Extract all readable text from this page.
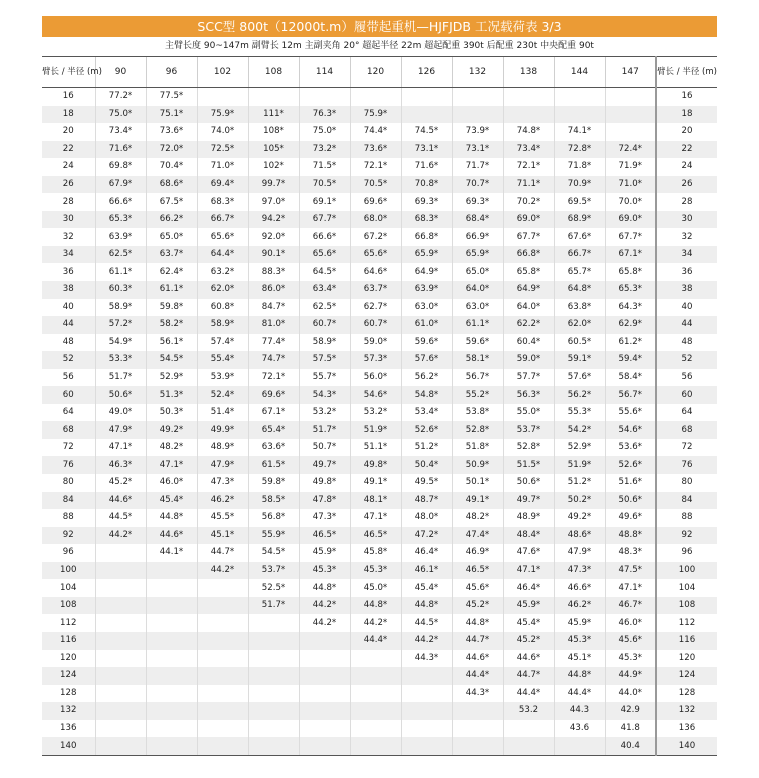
SCC型 800t（12000t.m）履带起重机—HJFJDB 工况载荷表 3/3
主臂长度 90~147m 副臂长 12m 主副夹角 20° 超起半径 22m 超起配重 390t 后配重 230t 中央配重 90t
臂长 / 半径 (m)	90	96	102	108	114	120	126	132	138	144	147	臂长 / 半径 (m)
16	77.2*	77.5*										16
18	75.0*	75.1*	75.9*	111*	76.3*	75.9*						18
20	73.4*	73.6*	74.0*	108*	75.0*	74.4*	74.5*	73.9*	74.8*	74.1*		20
22	71.6*	72.0*	72.5*	105*	73.2*	73.6*	73.1*	73.1*	73.4*	72.8*	72.4*	22
24	69.8*	70.4*	71.0*	102*	71.5*	72.1*	71.6*	71.7*	72.1*	71.8*	71.9*	24
26	67.9*	68.6*	69.4*	99.7*	70.5*	70.5*	70.8*	70.7*	71.1*	70.9*	71.0*	26
28	66.6*	67.5*	68.3*	97.0*	69.1*	69.6*	69.3*	69.3*	70.2*	69.5*	70.0*	28
30	65.3*	66.2*	66.7*	94.2*	67.7*	68.0*	68.3*	68.4*	69.0*	68.9*	69.0*	30
32	63.9*	65.0*	65.6*	92.0*	66.6*	67.2*	66.8*	66.9*	67.7*	67.6*	67.7*	32
34	62.5*	63.7*	64.4*	90.1*	65.6*	65.6*	65.9*	65.9*	66.8*	66.7*	67.1*	34
36	61.1*	62.4*	63.2*	88.3*	64.5*	64.6*	64.9*	65.0*	65.8*	65.7*	65.8*	36
38	60.3*	61.1*	62.0*	86.0*	63.4*	63.7*	63.9*	64.0*	64.9*	64.8*	65.3*	38
40	58.9*	59.8*	60.8*	84.7*	62.5*	62.7*	63.0*	63.0*	64.0*	63.8*	64.3*	40
44	57.2*	58.2*	58.9*	81.0*	60.7*	60.7*	61.0*	61.1*	62.2*	62.0*	62.9*	44
48	54.9*	56.1*	57.4*	77.4*	58.9*	59.0*	59.6*	59.6*	60.4*	60.5*	61.2*	48
52	53.3*	54.5*	55.4*	74.7*	57.5*	57.3*	57.6*	58.1*	59.0*	59.1*	59.4*	52
56	51.7*	52.9*	53.9*	72.1*	55.7*	56.0*	56.2*	56.7*	57.7*	57.6*	58.4*	56
60	50.6*	51.3*	52.4*	69.6*	54.3*	54.6*	54.8*	55.2*	56.3*	56.2*	56.7*	60
64	49.0*	50.3*	51.4*	67.1*	53.2*	53.2*	53.4*	53.8*	55.0*	55.3*	55.6*	64
68	47.9*	49.2*	49.9*	65.4*	51.7*	51.9*	52.6*	52.8*	53.7*	54.2*	54.6*	68
72	47.1*	48.2*	48.9*	63.6*	50.7*	51.1*	51.2*	51.8*	52.8*	52.9*	53.6*	72
76	46.3*	47.1*	47.9*	61.5*	49.7*	49.8*	50.4*	50.9*	51.5*	51.9*	52.6*	76
80	45.2*	46.0*	47.3*	59.8*	49.8*	49.1*	49.5*	50.1*	50.6*	51.2*	51.6*	80
84	44.6*	45.4*	46.2*	58.5*	47.8*	48.1*	48.7*	49.1*	49.7*	50.2*	50.6*	84
88	44.5*	44.8*	45.5*	56.8*	47.3*	47.1*	48.0*	48.2*	48.9*	49.2*	49.6*	88
92	44.2*	44.6*	45.1*	55.9*	46.5*	46.5*	47.2*	47.4*	48.4*	48.6*	48.8*	92
96		44.1*	44.7*	54.5*	45.9*	45.8*	46.4*	46.9*	47.6*	47.9*	48.3*	96
100			44.2*	53.7*	45.3*	45.3*	46.1*	46.5*	47.1*	47.3*	47.5*	100
104				52.5*	44.8*	45.0*	45.4*	45.6*	46.4*	46.6*	47.1*	104
108				51.7*	44.2*	44.8*	44.8*	45.2*	45.9*	46.2*	46.7*	108
112					44.2*	44.2*	44.5*	44.8*	45.4*	45.9*	46.0*	112
116						44.4*	44.2*	44.7*	45.2*	45.3*	45.6*	116
120							44.3*	44.6*	44.6*	45.1*	45.3*	120
124								44.4*	44.7*	44.8*	44.9*	124
128								44.3*	44.4*	44.4*	44.0*	128
132									53.2	44.3	42.9	132
136										43.6	41.8	136
140											40.4	140
